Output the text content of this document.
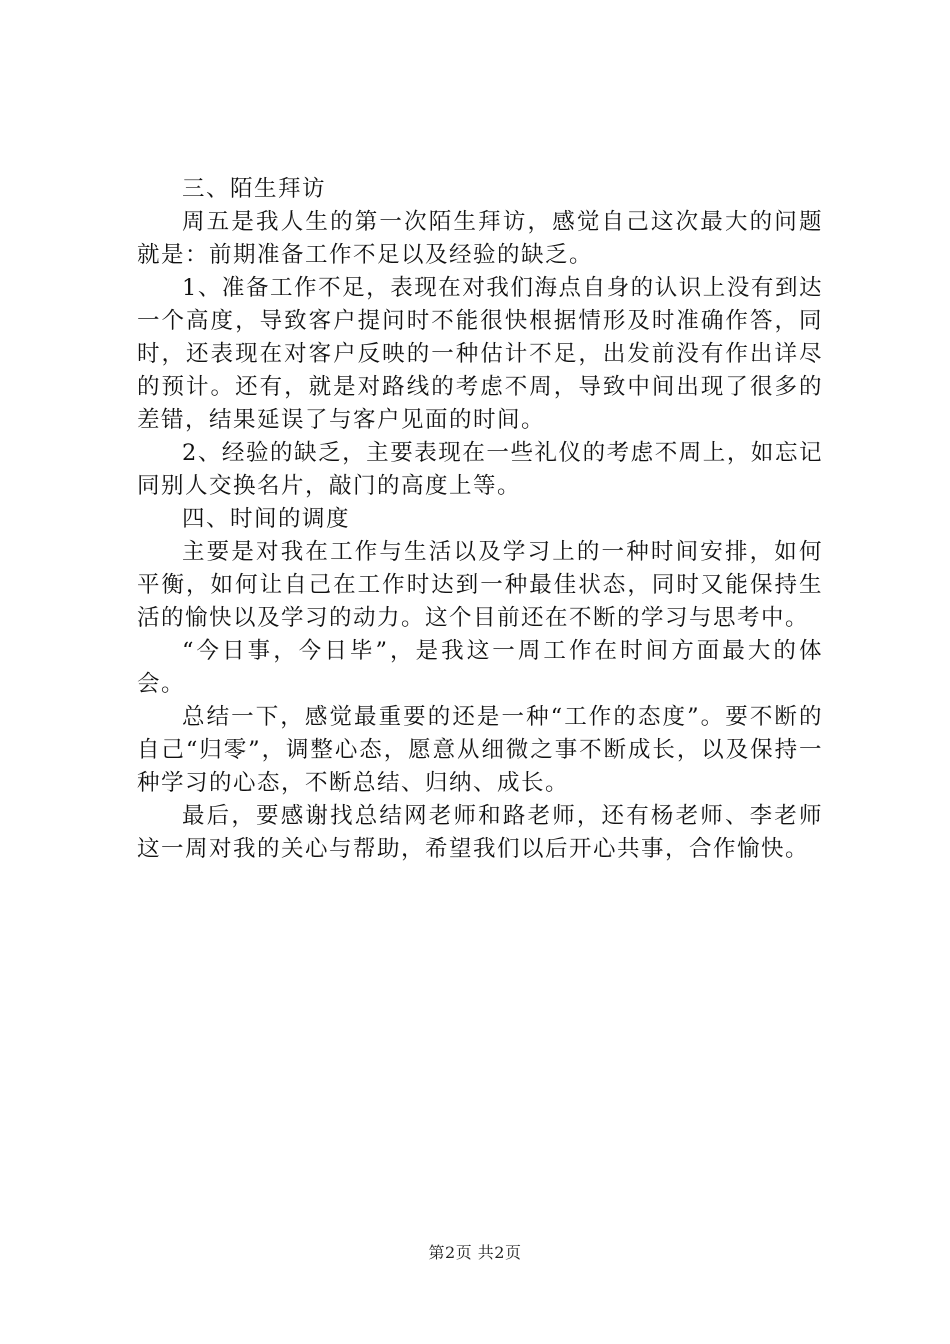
三、陌生拜访

周五是我人生的第一次陌生拜访，感觉自己这次最大的问题就是：前期准备工作不足以及经验的缺乏。

1、准备工作不足，表现在对我们海点自身的认识上没有到达一个高度，导致客户提问时不能很快根据情形及时准确作答，同时，还表现在对客户反映的一种估计不足，出发前没有作出详尽的预计。还有，就是对路线的考虑不周，导致中间出现了很多的差错，结果延误了与客户见面的时间。

2、经验的缺乏，主要表现在一些礼仪的考虑不周上，如忘记同别人交换名片，敲门的高度上等。

四、时间的调度

主要是对我在工作与生活以及学习上的一种时间安排，如何平衡，如何让自己在工作时达到一种最佳状态，同时又能保持生活的愉快以及学习的动力。这个目前还在不断的学习与思考中。

“今日事，今日毕”，是我这一周工作在时间方面最大的体会。

总结一下，感觉最重要的还是一种“工作的态度”。要不断的自己“归零”，调整心态，愿意从细微之事不断成长，以及保持一种学习的心态，不断总结、归纳、成长。

最后，要感谢找总结网老师和路老师，还有杨老师、李老师这一周对我的关心与帮助，希望我们以后开心共事，合作愉快。

第2页 共2页
